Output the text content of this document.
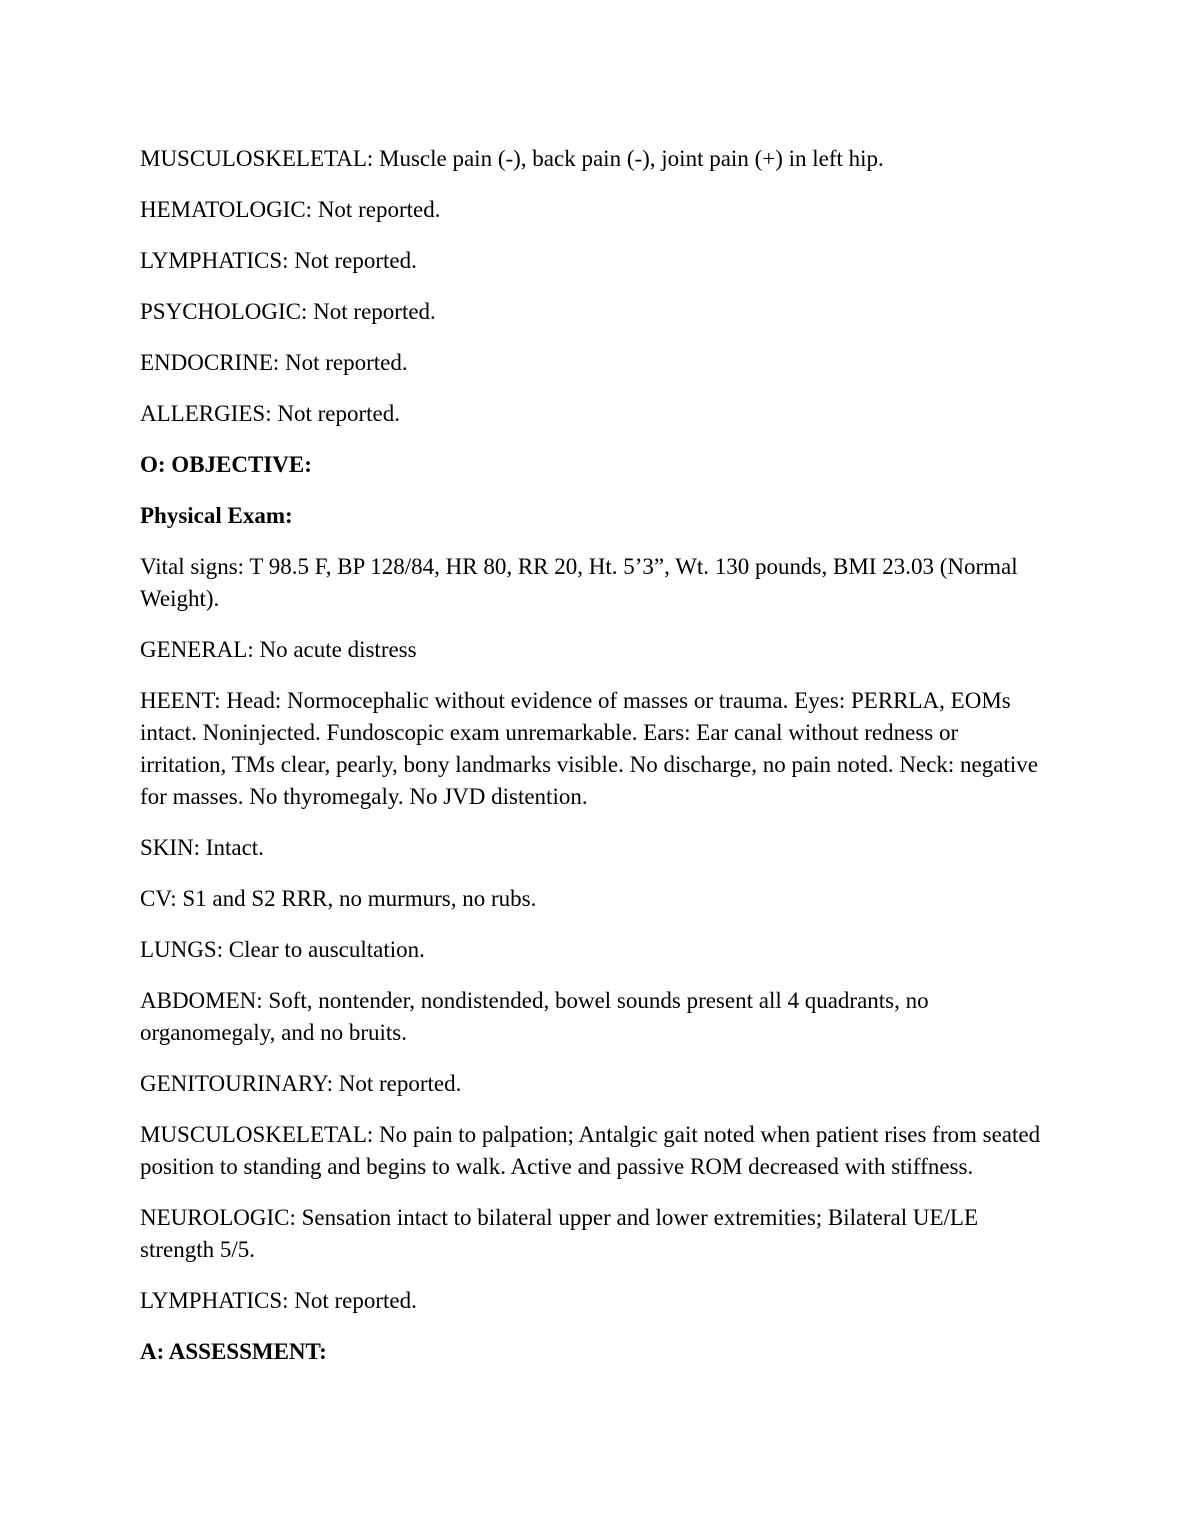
MUSCULOSKELETAL: Muscle pain (-), back pain (-), joint pain (+) in left hip.

HEMATOLOGIC: Not reported.

LYMPHATICS: Not reported.

PSYCHOLOGIC: Not reported.

ENDOCRINE: Not reported.

ALLERGIES: Not reported.

O: OBJECTIVE:

Physical Exam:

Vital signs: T 98.5 F, BP 128/84, HR 80, RR 20, Ht. 5’3”, Wt. 130 pounds, BMI 23.03 (Normal Weight).

GENERAL: No acute distress

HEENT: Head: Normocephalic without evidence of masses or trauma. Eyes: PERRLA, EOMs intact. Noninjected. Fundoscopic exam unremarkable. Ears: Ear canal without redness or irritation, TMs clear, pearly, bony landmarks visible. No discharge, no pain noted. Neck: negative for masses. No thyromegaly. No JVD distention.

SKIN: Intact.

CV: S1 and S2 RRR, no murmurs, no rubs.

LUNGS: Clear to auscultation.

ABDOMEN: Soft, nontender, nondistended, bowel sounds present all 4 quadrants, no organomegaly, and no bruits.

GENITOURINARY: Not reported.

MUSCULOSKELETAL: No pain to palpation; Antalgic gait noted when patient rises from seated position to standing and begins to walk. Active and passive ROM decreased with stiffness.

NEUROLOGIC: Sensation intact to bilateral upper and lower extremities; Bilateral UE/LE strength 5/5.

LYMPHATICS: Not reported.

A: ASSESSMENT:
